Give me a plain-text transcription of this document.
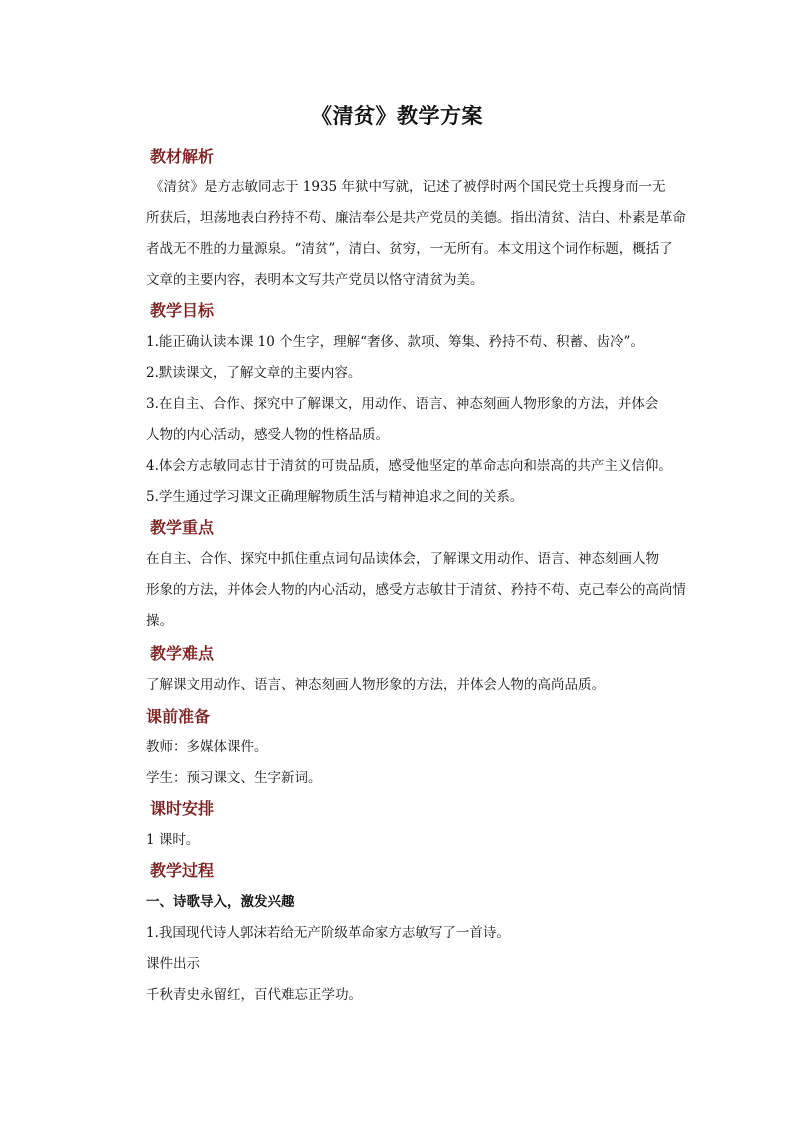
《清贫》教学方案
教材解析
《清贫》是方志敏同志于 1935 年狱中写就，记述了被俘时两个国民党士兵搜身而一无
所获后，坦荡地表白矜持不苟、廉洁奉公是共产党员的美德。指出清贫、洁白、朴素是革命
者战无不胜的力量源泉。“清贫”，清白、贫穷，一无所有。本文用这个词作标题，概括了
文章的主要内容，表明本文写共产党员以恪守清贫为美。
教学目标
1.能正确认读本课 10 个生字，理解“奢侈、款项、筹集、矜持不苟、积蓄、齿冷”。
2.默读课文，了解文章的主要内容。
3.在自主、合作、探究中了解课文，用动作、语言、神态刻画人物形象的方法，并体会
人物的内心活动，感受人物的性格品质。
4.体会方志敏同志甘于清贫的可贵品质，感受他坚定的革命志向和崇高的共产主义信仰。
5.学生通过学习课文正确理解物质生活与精神追求之间的关系。
教学重点
在自主、合作、探究中抓住重点词句品读体会，了解课文用动作、语言、神态刻画人物
形象的方法，并体会人物的内心活动，感受方志敏甘于清贫、矜持不苟、克己奉公的高尚情
操。
教学难点
了解课文用动作、语言、神态刻画人物形象的方法，并体会人物的高尚品质。
课前准备
教师：多媒体课件。
学生：预习课文、生字新词。
课时安排
1 课时。
教学过程
一、诗歌导入，激发兴趣
1.我国现代诗人郭沫若给无产阶级革命家方志敏写了一首诗。
课件出示
千秋青史永留红，百代难忘正学功。
